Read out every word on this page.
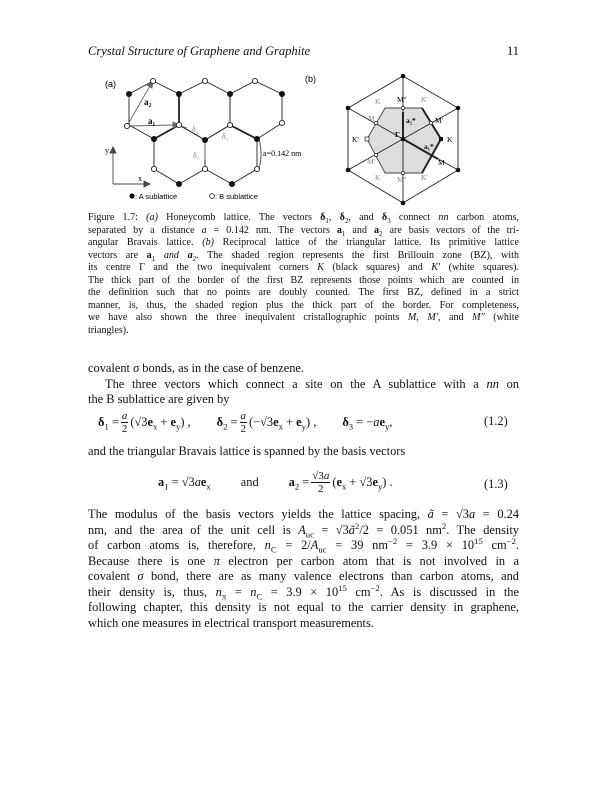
Crystal Structure of Graphene and Graphite	11
(a)
a₂
a₁
δ₂
δ₁
δ₃
y
x
a=0.142 nm
: A sublattice	: B sublattice
(b)
K M'' K'
M	M'
K'	K
Γ
a₂*
a₁*
M'	M
K M'' K'
Figure 1.7: (a) Honeycomb lattice. The vectors $\delta_1$, $\delta_2$, and $\delta_3$ connect nn carbon atoms,
separated by a distance a = 0.142 nm. The vectors $a_1$ and $a_2$ are basis vectors of the tri-
angular Bravais lattice. (b) Reciprocal lattice of the triangular lattice. Its primitive lattice
vectors are $a_1$ and $a_2$. The shaded region represents the first Brillouin zone (BZ), with
its centre Γ and the two inequivalent corners K (black squares) and K′ (white squares).
The thick part of the border of the first BZ represents those points which are counted in
the definition such that no points are doubly counted. The first BZ, defined in a strict
manner, is, thus, the shaded region plus the thick part of the border. For completeness,
we have also shown the three inequivalent cristallographic points M, M′, and M″ (white
triangles).
covalent σ bonds, as in the case of benzene.
The three vectors which connect a site on the A sublattice with a nn on
the B sublattice are given by
$\delta_1 = \frac{a}{2} (√3e_x + e_y)$ , $\delta_2 = \frac{a}{2} (-√3e_x + e_y)$ , $\delta_3 = -ae_y$,	(1.2)
and the triangular Bravais lattice is spanned by the basis vectors
$a_1 = √3ae_x$ and $a_2 = \frac{√3a}{2} (e_x + √3e_y)$ .	(1.3)
The modulus of the basis vectors yields the lattice spacing, ã = √3a = 0.24
nm, and the area of the unit cell is $A_{uc}$ = $√3ã^2/2 = 0.051$ $nm^2$. The density
of carbon atoms is, therefore, $n_C = 2/A_{uc} = 39$ $nm^{-2} = 3.9 \times 10^{15}$ $cm^{-2}$.
Because there is one π electron per carbon atom that is not involved in a
covalent σ bond, there are as many valence electrons than carbon atoms, and
their density is, thus, $n_\pi = n_C = 3.9 \times 10^{15}$ $cm^{-2}$. As is discussed in the
following chapter, this density is not equal to the carrier density in graphene,
which one measures in electrical transport measurements.
